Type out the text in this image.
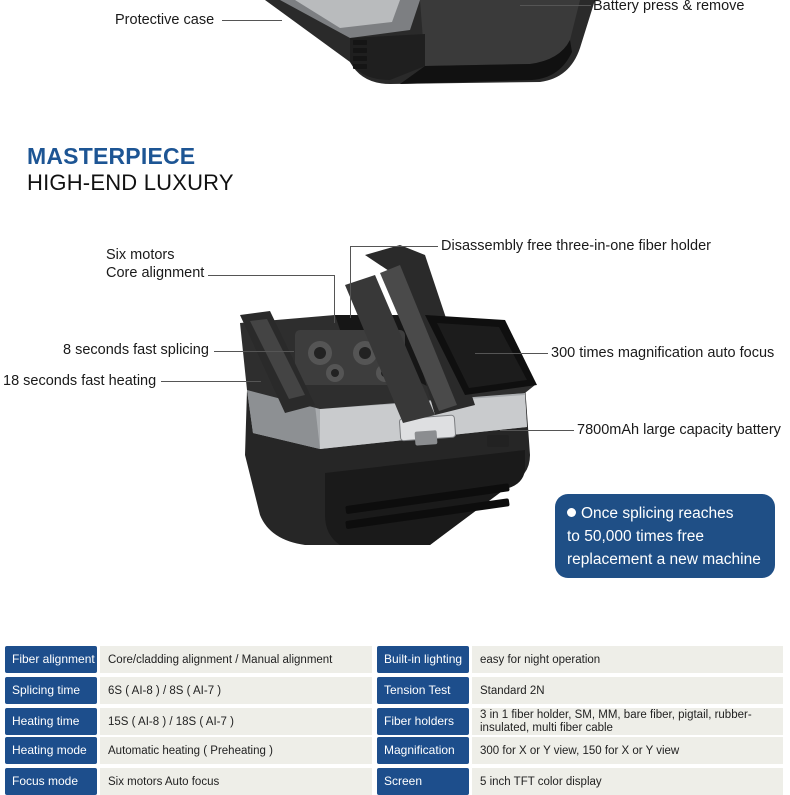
Protective case
Battery press & remove
MASTERPIECE
HIGH-END LUXURY
Six motors
Core alignment
Disassembly free three-in-one fiber holder
8 seconds fast splicing
18 seconds fast heating
300 times magnification auto focus
7800mAh large capacity battery
Once splicing reaches
to 50,000 times free
replacement a new machine
Fiber alignment	Core/cladding alignment / Manual alignment
Splicing time	6S ( AI-8 ) / 8S ( AI-7 )
Heating time	15S ( AI-8 ) / 18S ( AI-7 )
Heating mode	Automatic heating ( Preheating )
Focus mode	Six motors Auto focus
Built-in lighting	easy for night operation
Tension Test	Standard 2N
Fiber holders	3 in 1 fiber holder, SM, MM, bare fiber, pigtail, rubber-insulated, multi fiber cable
Magnification	300 for X or Y view, 150 for X or Y view
Screen	5 inch TFT color display
